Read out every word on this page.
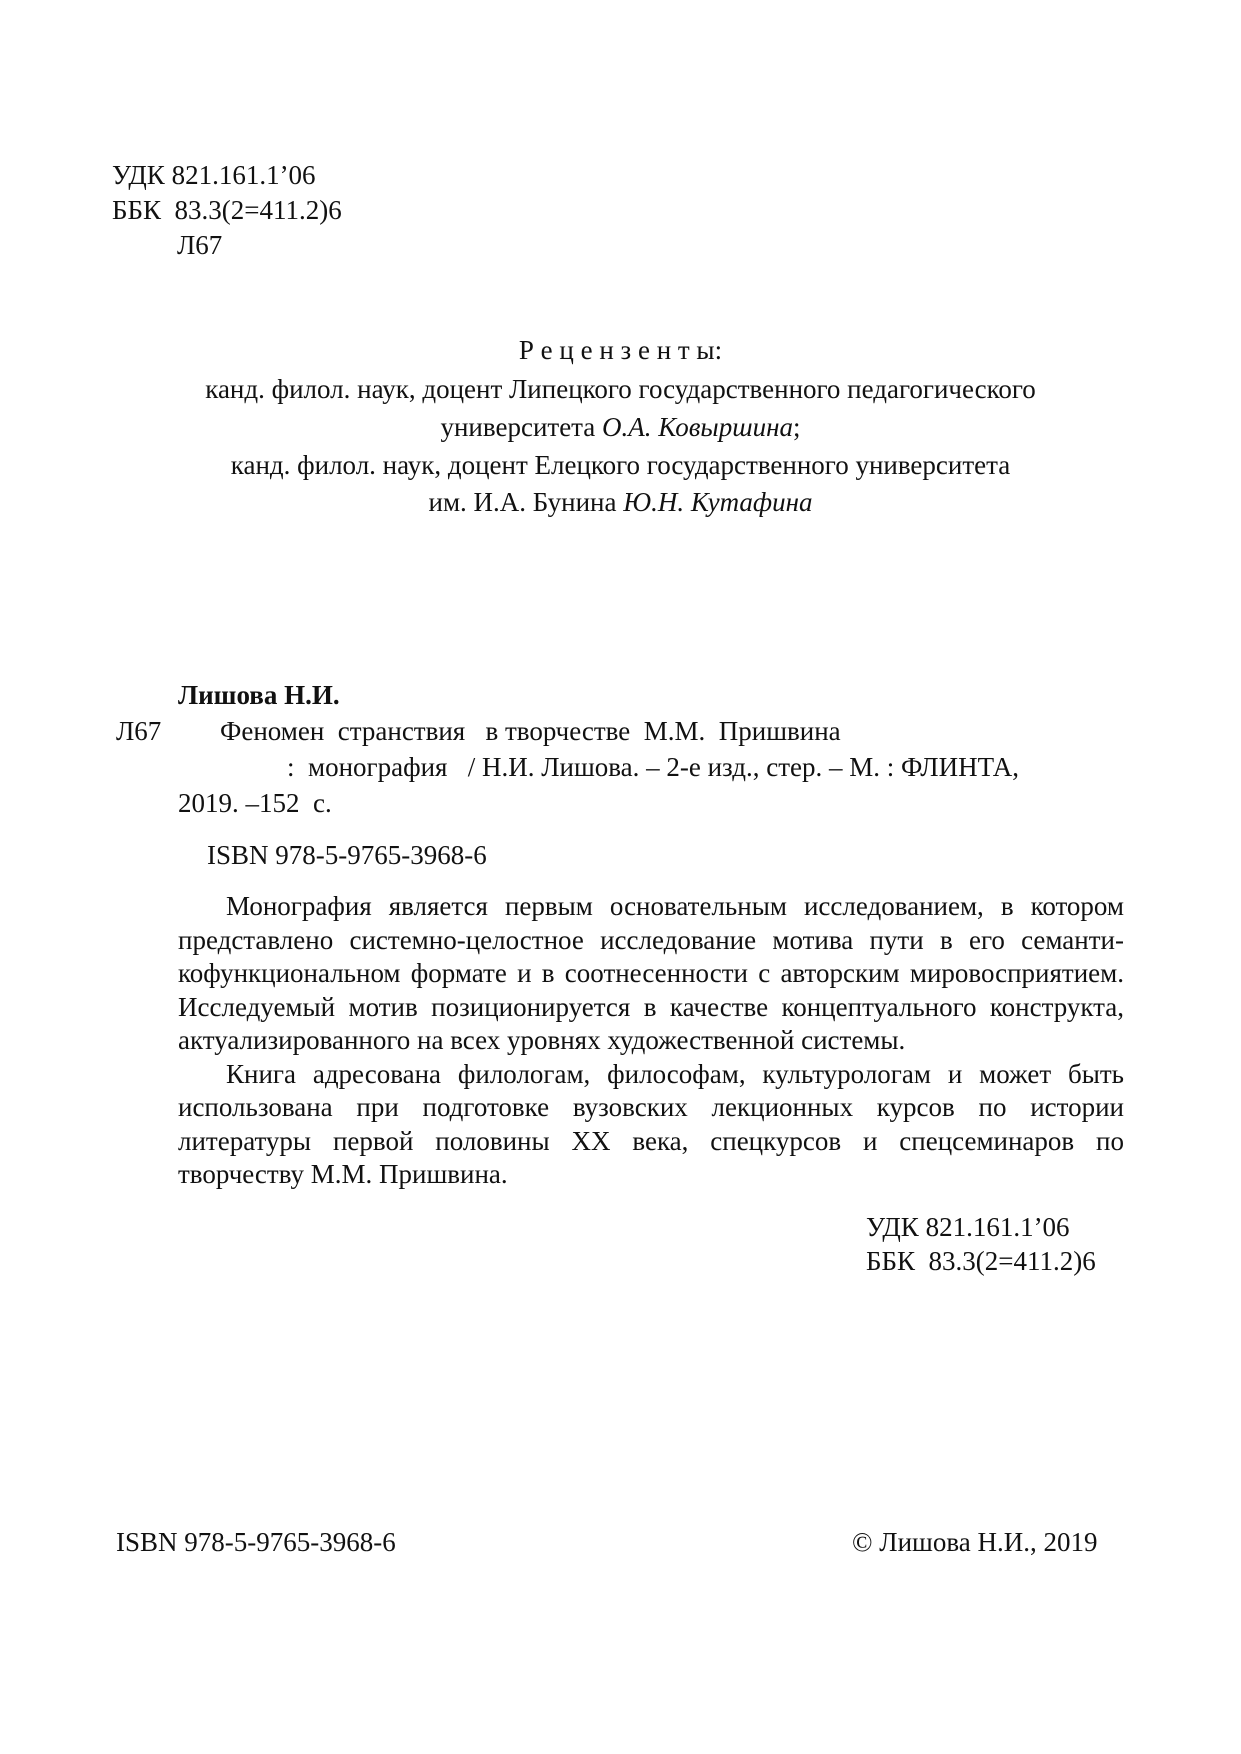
УДК 821.161.1’06
ББК  83.3(2=411.2)6
Л67
Р е ц е н з е н т ы:
канд. филол. наук, доцент Липецкого государственного педагогического
университета О.А. Ковыршина;
канд. филол. наук, доцент Елецкого государственного университета
им. И.А. Бунина Ю.Н. Кутафина
Лишова Н.И.
Л67 Феномен  странствия   в творчестве  М.М.  Пришвина
:  монография   / Н.И. Лишова. – 2-е изд., стер. – М. : ФЛИНТА,
2019. –152  с.
ISBN 978-5-9765-3968-6

Монография является первым основательным исследованием, в котором представлено системно-целостное исследование мотива пути в его семантикофункциональном формате и в соотнесенности с авторским мировосприятием. Исследуемый мотив позиционируется в качестве концептуального конструкта, актуализированного на всех уровнях художественной системы.

Книга адресована филологам, философам, культурологам и может быть использована при подготовке вузовских лекционных курсов по истории литературы первой половины ХХ века, спецкурсов и спецсеминаров по творчеству М.М. Пришвина.

УДК 821.161.1’06
ББК  83.3(2=411.2)6
ISBN 978-5-9765-3968-6	© Лишова Н.И., 2019
